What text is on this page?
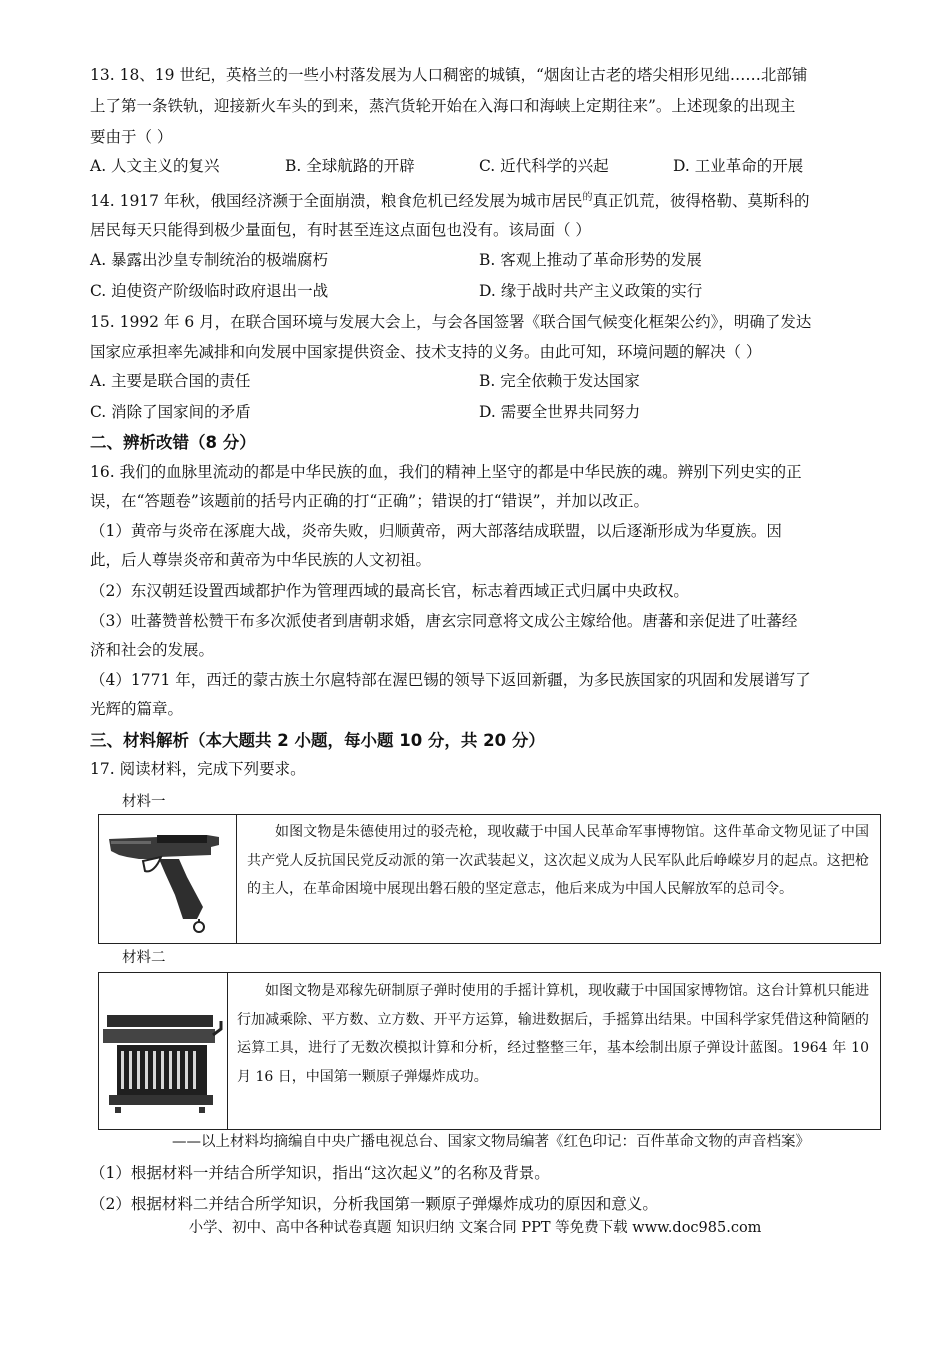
13. 18、19 世纪，英格兰的一些小村落发展为人口稠密的城镇，“烟囱让古老的塔尖相形见绌……北部铺
上了第一条铁轨，迎接新火车头的到来，蒸汽货轮开始在入海口和海峡上定期往来”。上述现象的出现主
要由于（ ）
A. 人文主义的复兴	B. 全球航路的开辟	C. 近代科学的兴起	D. 工业革命的开展
14. 1917 年秋，俄国经济濒于全面崩溃，粮食危机已经发展为城市居民$^的$真正饥荒，彼得格勒、莫斯科的
居民每天只能得到极少量面包，有时甚至连这点面包也没有。该局面（ ）
A. 暴露出沙皇专制统治的极端腐朽	B. 客观上推动了革命形势的发展
C. 迫使资产阶级临时政府退出一战	D. 缘于战时共产主义政策的实行
15. 1992 年 6 月，在联合国环境与发展大会上，与会各国签署《联合国气候变化框架公约》，明确了发达
国家应承担率先减排和向发展中国家提供资金、技术支持的义务。由此可知，环境问题的解决（ ）
A. 主要是联合国的责任	B. 完全依赖于发达国家
C. 消除了国家间的矛盾	D. 需要全世界共同努力
二、辨析改错（8 分）
16. 我们的血脉里流动的都是中华民族的血，我们的精神上坚守的都是中华民族的魂。辨别下列史实的正
误，在“答题卷”该题前的括号内正确的打“正确”；错误的打“错误”，并加以改正。
（1）黄帝与炎帝在涿鹿大战，炎帝失败，归顺黄帝，两大部落结成联盟，以后逐渐形成为华夏族。因
此，后人尊崇炎帝和黄帝为中华民族的人文初祖。
（2）东汉朝廷设置西域都护作为管理西域的最高长官，标志着西域正式归属中央政权。
（3）吐蕃赞普松赞干布多次派使者到唐朝求婚，唐玄宗同意将文成公主嫁给他。唐蕃和亲促进了吐蕃经
济和社会的发展。
（4）1771 年，西迁的蒙古族土尔扈特部在渥巴锡的领导下返回新疆，为多民族国家的巩固和发展谱写了
光辉的篇章。
三、材料解析（本大题共 2 小题，每小题 10 分，共 20 分）
17. 阅读材料，完成下列要求。
材料一

如图文物是朱德使用过的驳壳枪，现收藏于中国人民革命军事博物馆。这件革命文物见证了中国共产党人反抗国民党反动派的第一次武装起义，这次起义成为人民军队此后峥嵘岁月的起点。这把枪的主人，在革命困境中展现出磐石般的坚定意志，他后来成为中国人民解放军的总司令。

材料二

如图文物是邓稼先研制原子弹时使用的手摇计算机，现收藏于中国国家博物馆。这台计算机只能进行加减乘除、平方数、立方数、开平方运算，输进数据后，手摇算出结果。中国科学家凭借这种简陋的运算工具，进行了无数次模拟计算和分析，经过整整三年，基本绘制出原子弹设计蓝图。1964 年 10 月 16 日，中国第一颗原子弹爆炸成功。

——以上材料均摘编自中央广播电视总台、国家文物局编著《红色印记：百件革命文物的声音档案》
（1）根据材料一并结合所学知识，指出“这次起义”的名称及背景。
（2）根据材料二并结合所学知识，分析我国第一颗原子弹爆炸成功的原因和意义。
小学、初中、高中各种试卷真题 知识归纳 文案合同 PPT 等免费下载 www.doc985.com
